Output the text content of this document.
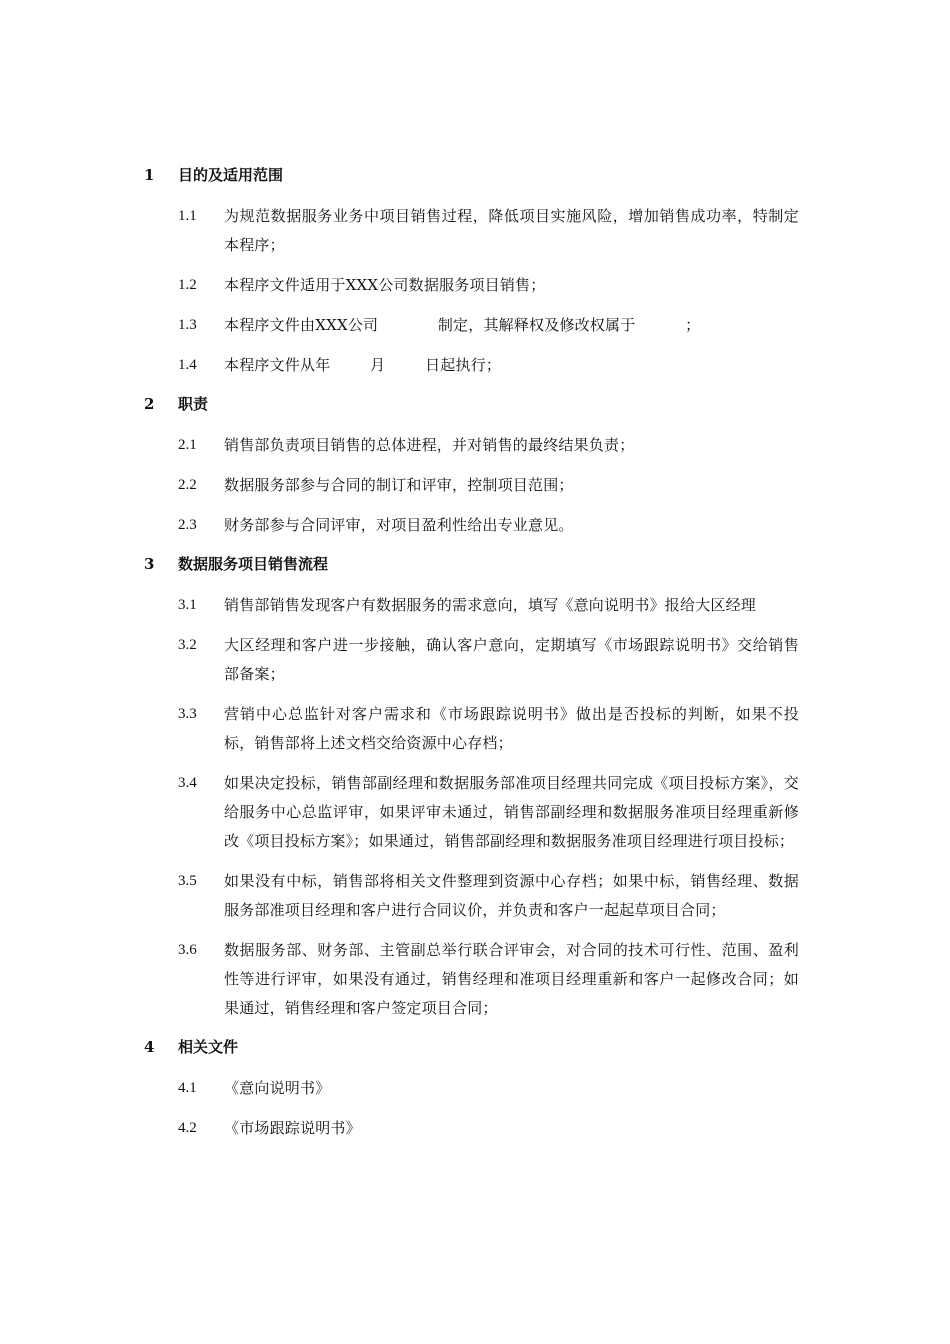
1	目的及适用范围
1.1	为规范数据服务业务中项目销售过程，降低项目实施风险，增加销售成功率，特制定本程序；
1.2	本程序文件适用于XXX公司数据服务项目销售；
1.3	本程序文件由XXX公司            制定，其解释权及修改权属于          ；
1.4	本程序文件从年        月        日起执行；
2	职责
2.1	销售部负责项目销售的总体进程，并对销售的最终结果负责；
2.2	数据服务部参与合同的制订和评审，控制项目范围；
2.3	财务部参与合同评审，对项目盈利性给出专业意见。
3	数据服务项目销售流程
3.1	销售部销售发现客户有数据服务的需求意向，填写《意向说明书》报给大区经理
3.2	大区经理和客户进一步接触，确认客户意向，定期填写《市场跟踪说明书》交给销售部备案；
3.3	营销中心总监针对客户需求和《市场跟踪说明书》做出是否投标的判断，如果不投标，销售部将上述文档交给资源中心存档；
3.4	如果决定投标，销售部副经理和数据服务部准项目经理共同完成《项目投标方案》，交给服务中心总监评审，如果评审未通过，销售部副经理和数据服务准项目经理重新修改《项目投标方案》；如果通过，销售部副经理和数据服务准项目经理进行项目投标；
3.5	如果没有中标，销售部将相关文件整理到资源中心存档；如果中标，销售经理、数据服务部准项目经理和客户进行合同议价，并负责和客户一起起草项目合同；
3.6	数据服务部、财务部、主管副总举行联合评审会，对合同的技术可行性、范围、盈利性等进行评审，如果没有通过，销售经理和准项目经理重新和客户一起修改合同；如果通过，销售经理和客户签定项目合同；
4	相关文件
4.1	《意向说明书》
4.2	《市场跟踪说明书》
